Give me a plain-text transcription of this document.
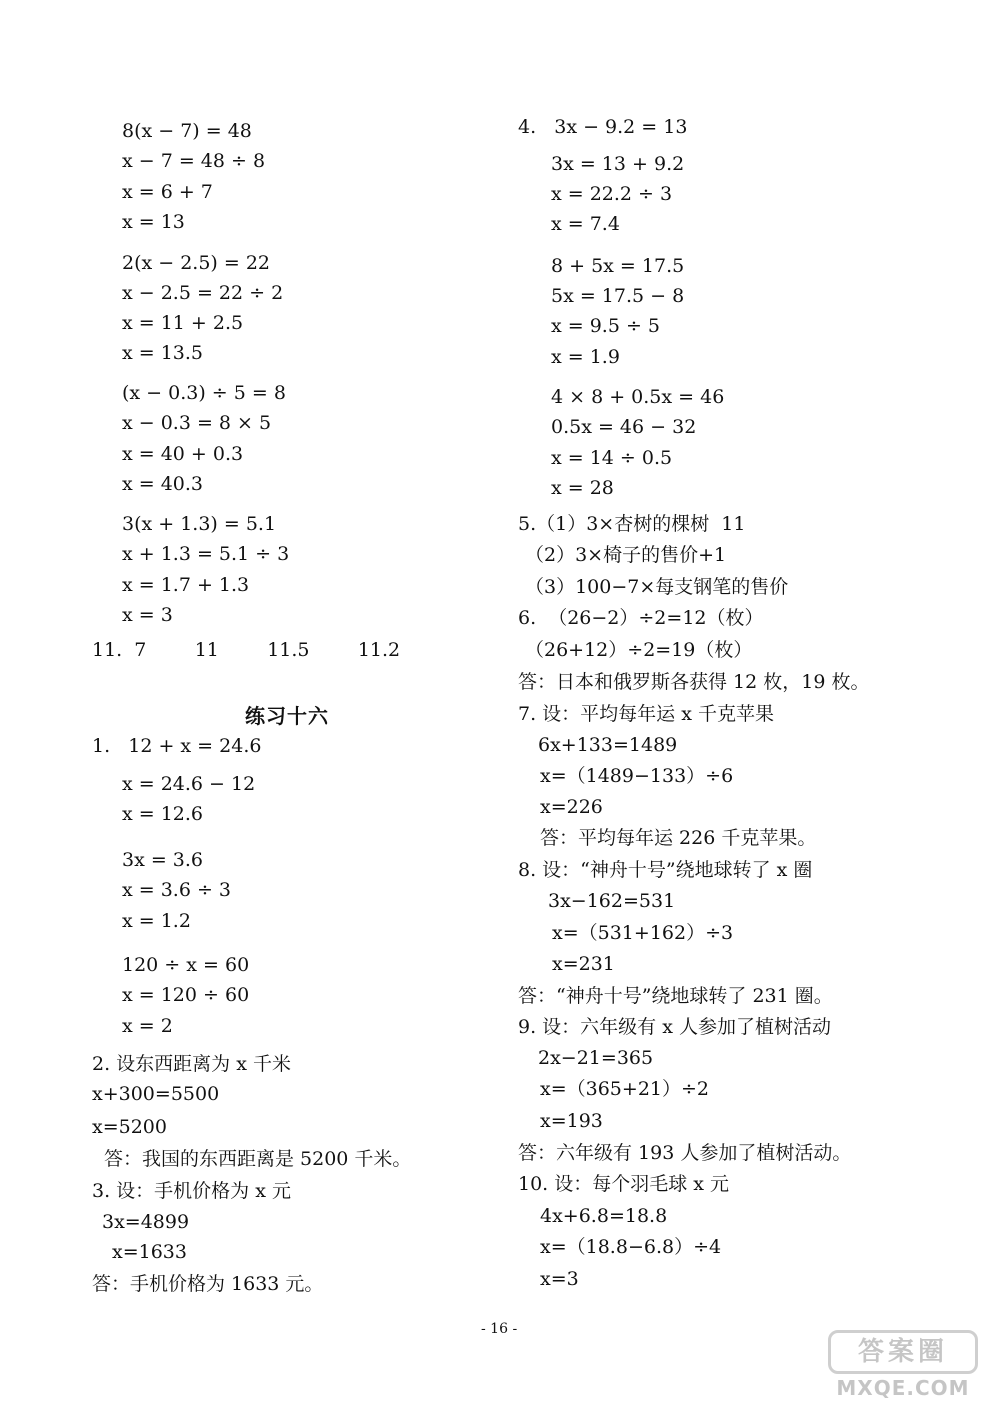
8(x − 7) = 48
x − 7 = 48 ÷ 8
x = 6 + 7
x = 13
2(x − 2.5) = 22
x − 2.5 = 22 ÷ 2
x = 11 + 2.5
x = 13.5
(x − 0.3) ÷ 5 = 8
x − 0.3 = 8 × 5
x = 40 + 0.3
x = 40.3
3(x + 1.3) = 5.1
x + 1.3 = 5.1 ÷ 3
x = 1.7 + 1.3
x = 3
11.  7        11        11.5        11.2
练习十六
1.   12 + x = 24.6
x = 24.6 − 12
x = 12.6
3x = 3.6
x = 3.6 ÷ 3
x = 1.2
120 ÷ x = 60
x = 120 ÷ 60
x = 2
2. 设东西距离为 x 千米
x+300=5500
x=5200
答：我国的东西距离是 5200 千米。
3. 设：手机价格为 x 元
3x=4899
x=1633
答：手机价格为 1633 元。
4.   3x − 9.2 = 13
3x = 13 + 9.2
x = 22.2 ÷ 3
x = 7.4
8 + 5x = 17.5
5x = 17.5 − 8
x = 9.5 ÷ 5
x = 1.9
4 × 8 + 0.5x = 46
0.5x = 46 − 32
x = 14 ÷ 0.5
x = 28
5.（1）3×杏树的棵树  11
（2）3×椅子的售价+1
（3）100−7×每支钢笔的售价
6.  （26−2）÷2=12（枚）
（26+12）÷2=19（枚）
答：日本和俄罗斯各获得 12 枚，19 枚。
7. 设：平均每年运 x 千克苹果
6x+133=1489
x=（1489−133）÷6
x=226
答：平均每年运 226 千克苹果。
8. 设：“神舟十号”绕地球转了 x 圈
3x−162=531
x=（531+162）÷3
x=231
答：“神舟十号”绕地球转了 231 圈。
9. 设：六年级有 x 人参加了植树活动
2x−21=365
x=（365+21）÷2
x=193
答：六年级有 193 人参加了植树活动。
10. 设：每个羽毛球 x 元
4x+6.8=18.8
x=（18.8−6.8）÷4
x=3
- 16 -
答案圈
MXQE.COM
